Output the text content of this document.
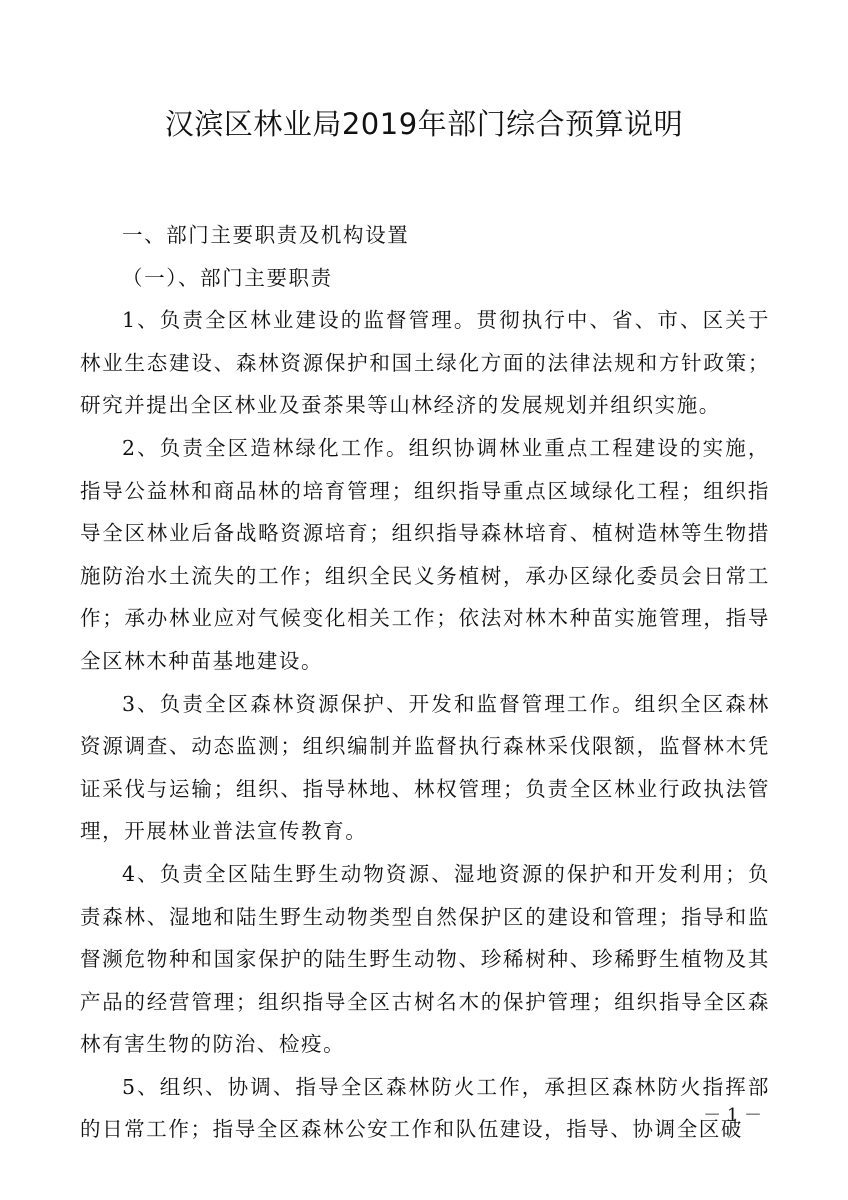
汉滨区林业局2019年部门综合预算说明

一、部门主要职责及机构设置

（一）、部门主要职责

1、负责全区林业建设的监督管理。贯彻执行中、省、市、区关于林业生态建设、森林资源保护和国土绿化方面的法律法规和方针政策；研究并提出全区林业及蚕茶果等山林经济的发展规划并组织实施。

2、负责全区造林绿化工作。组织协调林业重点工程建设的实施，指导公益林和商品林的培育管理；组织指导重点区域绿化工程；组织指导全区林业后备战略资源培育；组织指导森林培育、植树造林等生物措施防治水土流失的工作；组织全民义务植树，承办区绿化委员会日常工作；承办林业应对气候变化相关工作；依法对林木种苗实施管理，指导全区林木种苗基地建设。

3、负责全区森林资源保护、开发和监督管理工作。组织全区森林资源调查、动态监测；组织编制并监督执行森林采伐限额，监督林木凭证采伐与运输；组织、指导林地、林权管理；负责全区林业行政执法管理，开展林业普法宣传教育。

4、负责全区陆生野生动物资源、湿地资源的保护和开发利用；负责森林、湿地和陆生野生动物类型自然保护区的建设和管理；指导和监督濒危物种和国家保护的陆生野生动物、珍稀树种、珍稀野生植物及其产品的经营管理；组织指导全区古树名木的保护管理；组织指导全区森林有害生物的防治、检疫。

5、组织、协调、指导全区森林防火工作，承担区森林防火指挥部的日常工作；指导全区森林公安工作和队伍建设，指导、协调全区破

－ 1 －
